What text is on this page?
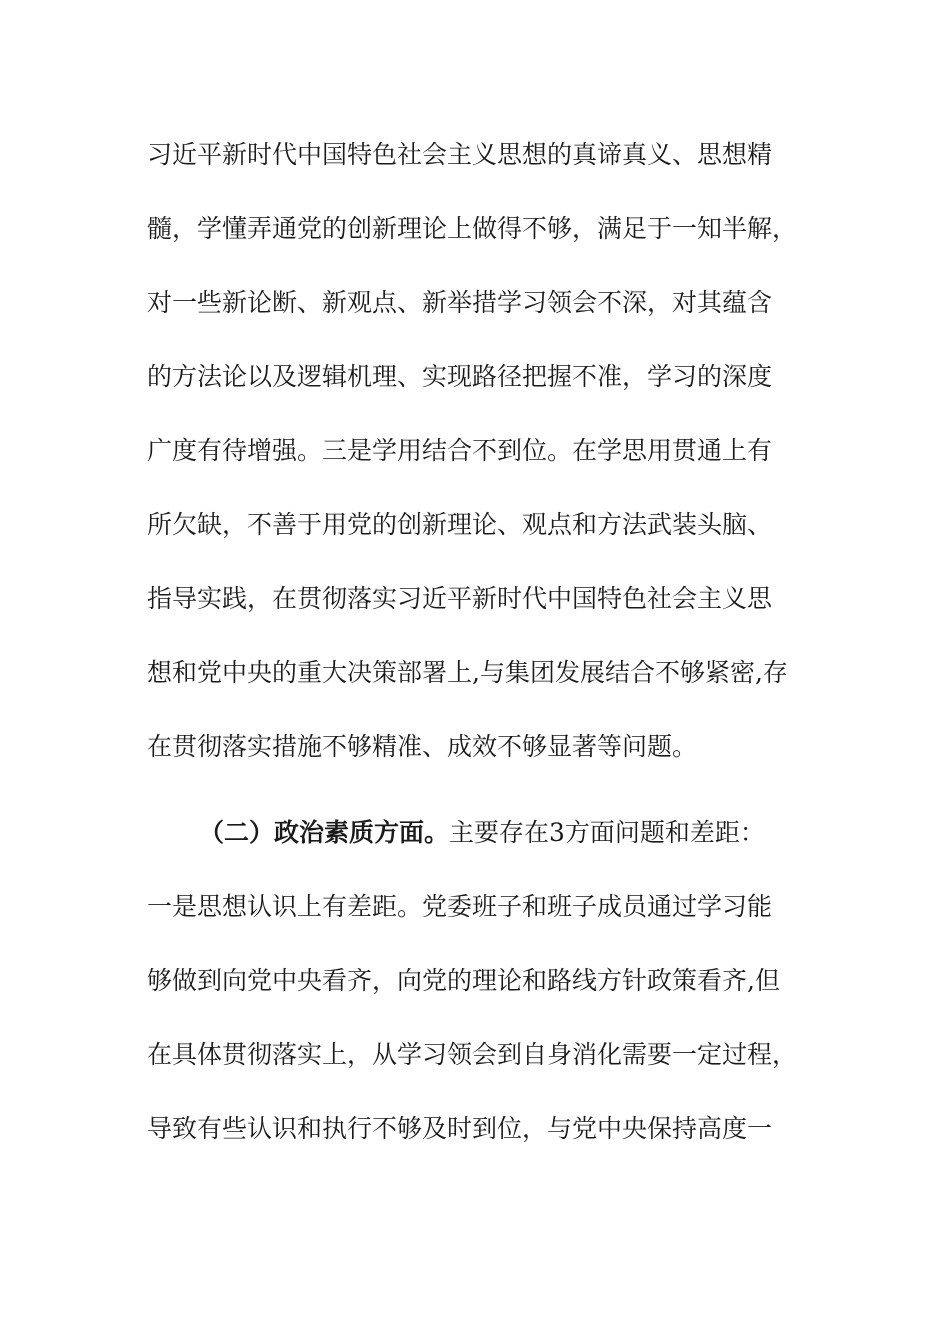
习近平新时代中国特色社会主义思想的真谛真义、思想精
髓，学懂弄通党的创新理论上做得不够，满足于一知半解，
对一些新论断、新观点、新举措学习领会不深，对其蕴含
的方法论以及逻辑机理、实现路径把握不准，学习的深度
广度有待增强。三是学用结合不到位。在学思用贯通上有
所欠缺，不善于用党的创新理论、观点和方法武装头脑、
指导实践，在贯彻落实习近平新时代中国特色社会主义思
想和党中央的重大决策部署上,与集团发展结合不够紧密,存
在贯彻落实措施不够精准、成效不够显著等问题。
（二）政治素质方面。主要存在3方面问题和差距：
一是思想认识上有差距。党委班子和班子成员通过学习能
够做到向党中央看齐，向党的理论和路线方针政策看齐,但
在具体贯彻落实上，从学习领会到自身消化需要一定过程，
导致有些认识和执行不够及时到位，与党中央保持高度一
